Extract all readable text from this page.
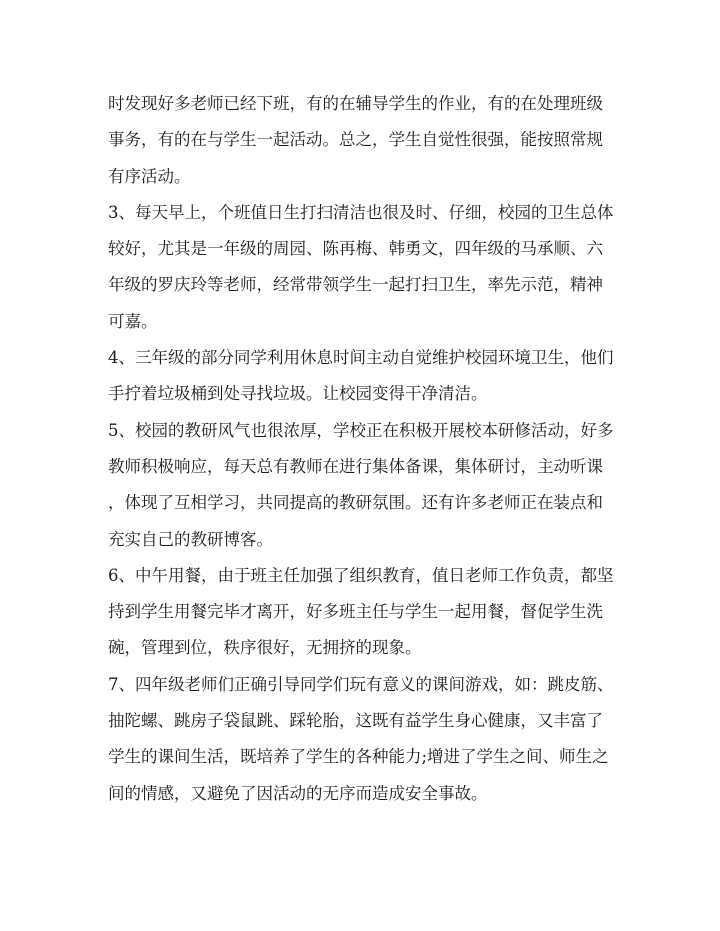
时发现好多老师已经下班，有的在辅导学生的作业，有的在处理班级
事务，有的在与学生一起活动。总之，学生自觉性很强，能按照常规
有序活动。
3、每天早上，个班值日生打扫清洁也很及时、仔细，校园的卫生总体
较好，尤其是一年级的周园、陈再梅、韩勇文，四年级的马承顺、六
年级的罗庆玲等老师，经常带领学生一起打扫卫生，率先示范，精神
可嘉。
4、三年级的部分同学利用休息时间主动自觉维护校园环境卫生，他们
手拧着垃圾桶到处寻找垃圾。让校园变得干净清洁。
5、校园的教研风气也很浓厚，学校正在积极开展校本研修活动，好多
教师积极响应，每天总有教师在进行集体备课，集体研讨，主动听课
，体现了互相学习，共同提高的教研氛围。还有许多老师正在装点和
充实自己的教研博客。
6、中午用餐，由于班主任加强了组织教育，值日老师工作负责，都坚
持到学生用餐完毕才离开，好多班主任与学生一起用餐，督促学生洗
碗，管理到位，秩序很好，无拥挤的现象。
7、四年级老师们正确引导同学们玩有意义的课间游戏，如：跳皮筋、
抽陀螺、跳房子袋鼠跳、踩轮胎，这既有益学生身心健康，又丰富了
学生的课间生活，既培养了学生的各种能力;增进了学生之间、师生之
间的情感，又避免了因活动的无序而造成安全事故。
